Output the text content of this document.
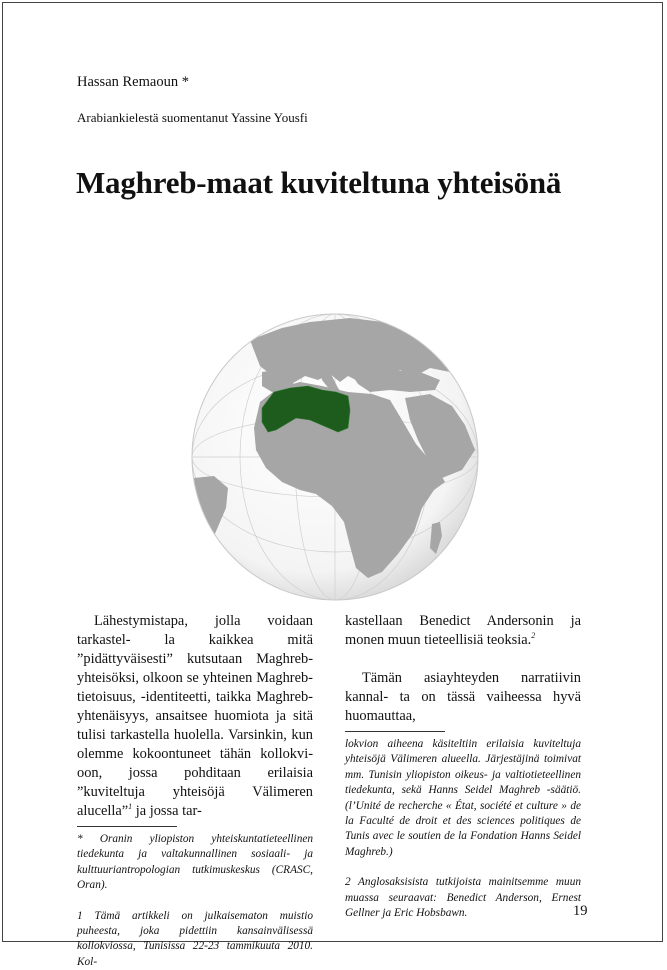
Hassan Remaoun *
Arabiankielestä suomentanut Yassine Yousfi
Maghreb-maat kuviteltuna yhteisönä

Lähestymistapa, jolla voidaan tarkastel- la kaikkea mitä ”pidättyväisesti” kutsutaan Maghreb-yhteisöksi, olkoon se yhteinen Maghreb-tietoisuus, -identiteetti, taikka Maghreb-yhtenäisyys, ansaitsee huomiota ja sitä tulisi tarkastella huolella. Varsinkin, kun olemme kokoontuneet tähän kollokvi- oon, jossa pohditaan erilaisia ”kuviteltuja yhteisöjä Välimeren alucella”$^1$ ja jossa tar-

* Oranin yliopiston yhteiskuntatieteellinen tiedekunta ja valtakunnallinen sosiaali- ja kulttuuriantropologian tutkimuskeskus (CRASC, Oran).

1 Tämä artikkeli on julkaisematon muistio puheesta, joka pidettiin kansainvälisessä kollokviossa, Tunisissa 22-23 tammikuuta 2010. Kol-

kastellaan Benedict Andersonin ja monen muun tieteellisiä teoksia.$^2$

Tämän asiayhteyden narratiivin kannal- ta on tässä vaiheessa hyvä huomauttaa,

lokvion aiheena käsiteltiin erilaisia kuviteltuja yhteisöjä Välimeren alueella. Järjestäjinä toimivat mm. Tunisin yliopiston oikeus- ja valtiotieteellinen tiedekunta, sekä Hanns Seidel Maghreb -säätiö. (l’Unité de recherche « État, société et culture » de la Faculté de droit et des sciences politiques de Tunis avec le soutien de la Fondation Hanns Seidel Maghreb.)

2 Anglosaksisista tutkijoista mainitsemme muun muassa seuraavat: Benedict Anderson, Ernest Gellner ja Eric Hobsbawn.	19
